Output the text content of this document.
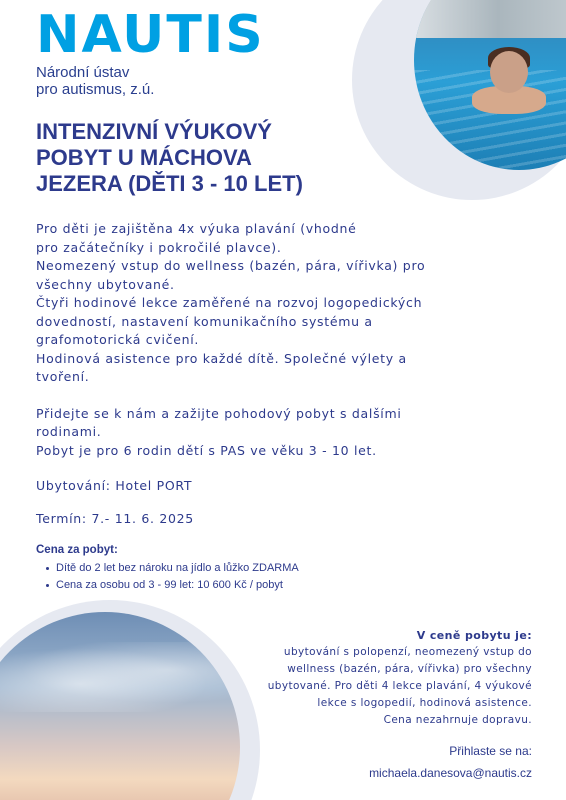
NAUTIS
Národní ústav
pro autismus, z.ú.
INTENZIVNÍ VÝUKOVÝ
POBYT U MÁCHOVA
JEZERA (DĚTI 3 - 10 LET)

Pro děti je zajištěna 4x výuka plavání (vhodné

pro začátečníky i pokročilé plavce).

Neomezený vstup do wellness (bazén, pára, vířivka) pro

všechny ubytované.

Čtyři hodinové lekce zaměřené na rozvoj logopedických

dovedností, nastavení komunikačního systému a

grafomotorická cvičení.

Hodinová asistence pro každé dítě. Společné výlety a

tvoření.

Přidejte se k nám a zažijte pohodový pobyt s dalšími

rodinami.

Pobyt je pro 6 rodin dětí s PAS ve věku 3 - 10 let.

Ubytování: Hotel PORT
Termín: 7.- 11. 6. 2025
Cena za pobyt:
Dítě do 2 let bez nároku na jídlo a lůžko ZDARMA
Cena za osobu od 3 - 99 let: 10 600 Kč / pobyt
V ceně pobytu je:

ubytování s polopenzí, neomezený vstup do

wellness (bazén, pára, vířivka) pro všechny

ubytované. Pro děti 4 lekce plavání, 4 výukové

lekce s logopedií, hodinová asistence.

Cena nezahrnuje dopravu.

Přihlaste se na:
michaela.danesova@nautis.cz
